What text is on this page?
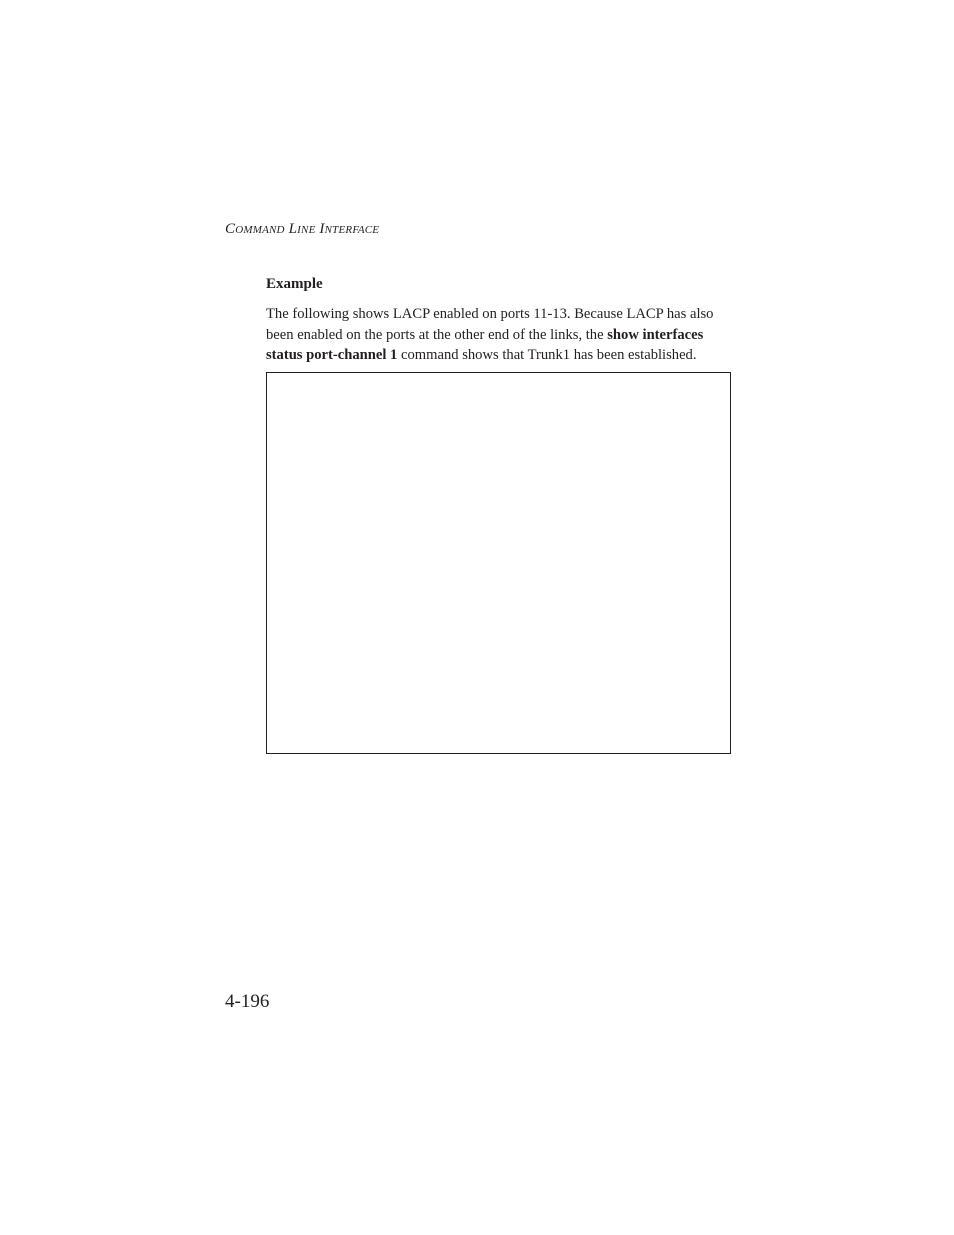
Command Line Interface
Example

The following shows LACP enabled on ports 11-13. Because LACP has also
been enabled on the ports at the other end of the links, the show interfaces
status port-channel 1 command shows that Trunk1 has been established.

4-196
